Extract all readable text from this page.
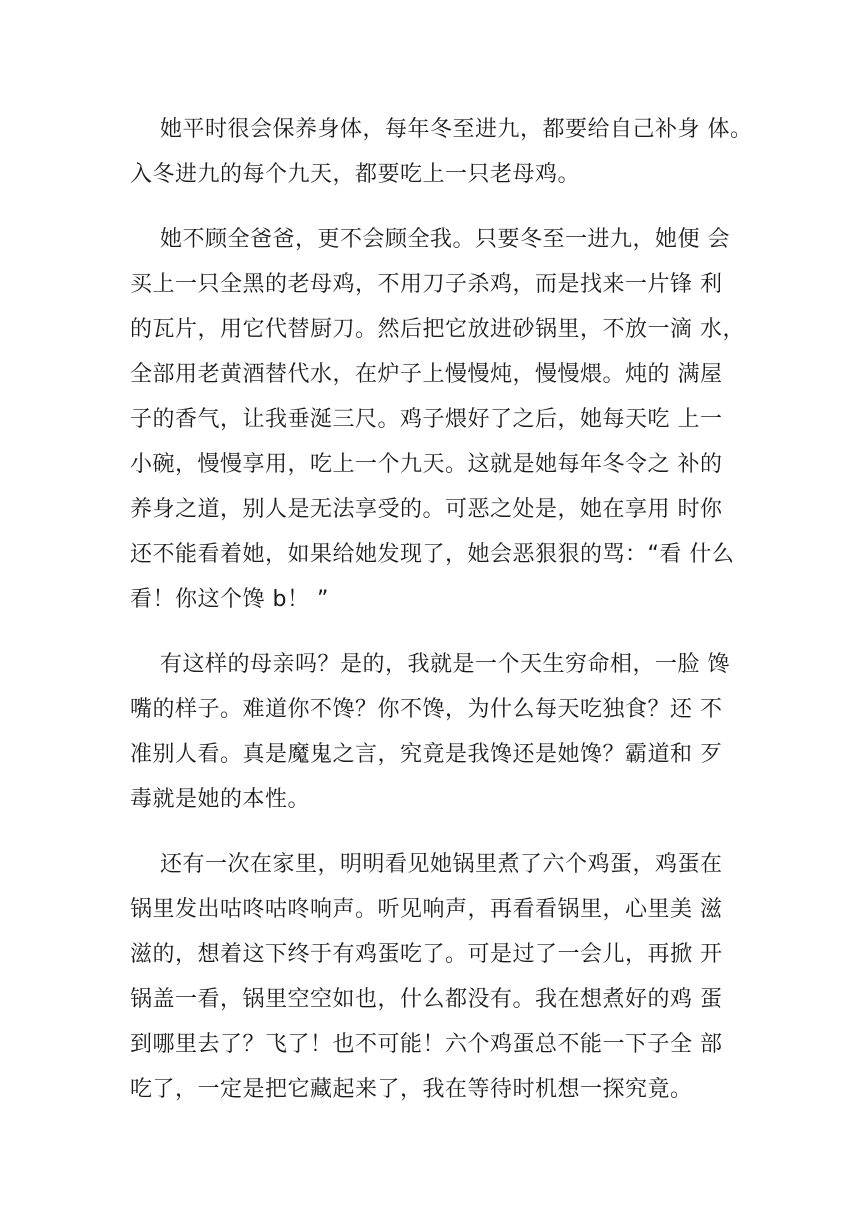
她平时很会保养身体，每年冬至进九，都要给自己补身 体。
入冬进九的每个九天，都要吃上一只老母鸡。
她不顾全爸爸，更不会顾全我。只要冬至一进九，她便 会
买上一只全黑的老母鸡，不用刀子杀鸡，而是找来一片锋 利
的瓦片，用它代替厨刀。然后把它放进砂锅里，不放一滴 水，
全部用老黄酒替代水，在炉子上慢慢炖，慢慢煨。炖的 满屋
子的香气，让我垂涎三尺。鸡子煨好了之后，她每天吃 上一
小碗，慢慢享用，吃上一个九天。这就是她每年冬令之 补的
养身之道，别人是无法享受的。可恶之处是，她在享用 时你
还不能看着她，如果给她发现了，她会恶狠狠的骂：“看 什么
看！你这个馋 b！ ”
有这样的母亲吗？是的，我就是一个天生穷命相，一脸 馋
嘴的样子。难道你不馋？你不馋，为什么每天吃独食？还 不
准别人看。真是魔鬼之言，究竟是我馋还是她馋？霸道和 歹
毒就是她的本性。
还有一次在家里，明明看见她锅里煮了六个鸡蛋，鸡蛋在
锅里发出咕咚咕咚响声。听见响声，再看看锅里，心里美 滋
滋的，想着这下终于有鸡蛋吃了。可是过了一会儿，再掀 开
锅盖一看，锅里空空如也，什么都没有。我在想煮好的鸡 蛋
到哪里去了？飞了！也不可能！六个鸡蛋总不能一下子全 部
吃了，一定是把它藏起来了，我在等待时机想一探究竟。
